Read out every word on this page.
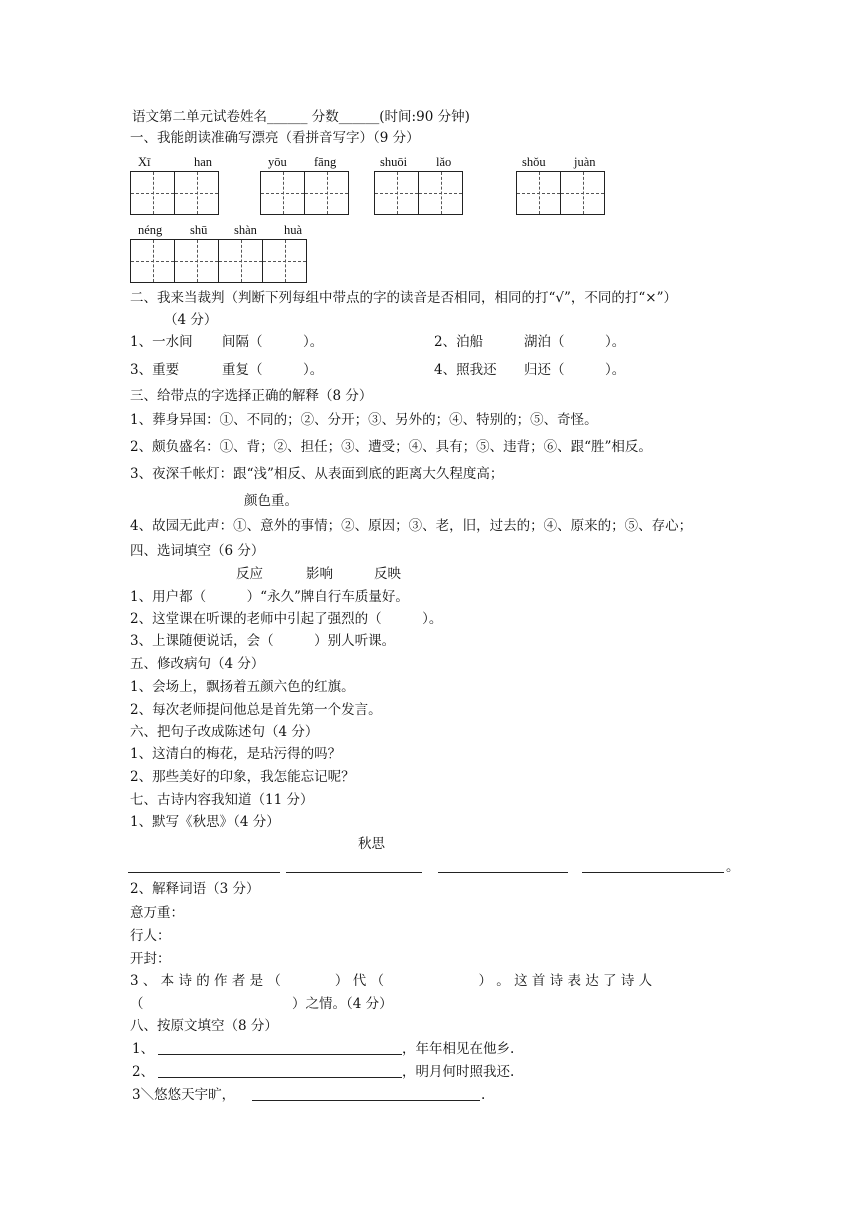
语文第二单元试卷姓名______ 分数______(时间:90 分钟)
一、我能朗读准确写漂亮（看拼音写字）（9 分）
Xī	han	yōu fāng	shuōi lǎo	shǒu juàn
néng shū shàn huà
二、我来当裁判（判断下列每组中带点的字的读音是否相同，相同的打“√”，不同的打“×”）
（4 分）
1、一水间 间隔（　　　）。	2、泊船	湖泊（　　　）。
3、重要	重复（　　　）。	4、照我还 归还（　　　）。
三、给带点的字选择正确的解释（8 分）
1、葬身异国：①、不同的；②、分开；③、另外的；④、特别的；⑤、奇怪。
2、颇负盛名：①、背；②、担任；③、遭受；④、具有；⑤、违背；⑥、跟“胜”相反。
3、夜深千帐灯：跟“浅”相反、从表面到底的距离大久程度高；
颜色重。
4、故园无此声：①、意外的事情；②、原因；③、老，旧，过去的；④、原来的；⑤、存心；
四、选词填空（6 分）
反应	影响	反映
1、用户都（　　　）“永久”牌自行车质量好。
2、这堂课在听课的老师中引起了强烈的（　　　）。
3、上课随便说话，会（　　　）别人听课。
五、修改病句（4 分）
1、会场上，飘扬着五颜六色的红旗。
2、每次老师提问他总是首先第一个发言。
六、把句子改成陈述句（4 分）
1、这清白的梅花，是玷污得的吗？
2、那些美好的印象，我怎能忘记呢？
七、古诗内容我知道（11 分）
1、默写《秋思》（4 分）
秋思
。
2、解释词语（3 分）
意万重：
行人：
开封：
3 、 本 诗 的 作 者 是 （　　　　） 代 （　　　　　　　） 。 这 首 诗 表 达 了 诗 人
（　　　　　　　　　　　）之情。（4 分）
八、按原文填空（8 分）
1、	，年年相见在他乡.
2、	，明月何时照我还.
3＼悠悠天宇旷，	.
